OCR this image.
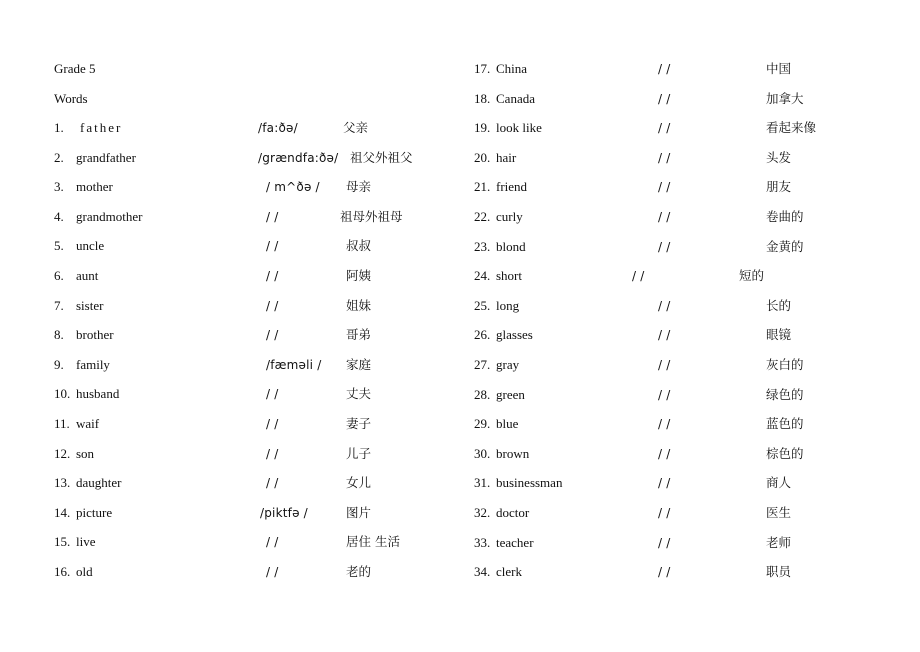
Grade 5
Words
1. father	/fa:ðə/	父亲
2. grandfather	/grændfa:ðə/ 祖父外祖父
3. mother	/ m^ðə / 母亲
4. grandmother	/ /	祖母外祖母
5. uncle	/ /	叔叔
6. aunt	/ /	阿姨
7. sister	/ /	姐妹
8. brother	/ /	哥弟
9. family	/fæməli / 家庭
10. husband	/ /	丈夫
11. waif	/ /	妻子
12. son	/ /	儿子
13. daughter	/ /	女儿
14. picture	/piktfə /	图片
15. live	/ /	居住 生活
16. old	/ /	老的
17. China	/ /	中国
18. Canada	/ /	加拿大
19. look like	/ /	看起来像
20. hair	/ /	头发
21. friend	/ /	朋友
22. curly	/ /	卷曲的
23. blond	/ /	金黄的
24. short	/ /	短的
25. long	/ /	长的
26. glasses	/ /	眼镜
27. gray	/ /	灰白的
28. green	/ /	绿色的
29. blue	/ /	蓝色的
30. brown	/ /	棕色的
31. businessman	/ /	商人
32. doctor	/ /	医生
33. teacher	/ /	老师
34. clerk	/ /	职员
